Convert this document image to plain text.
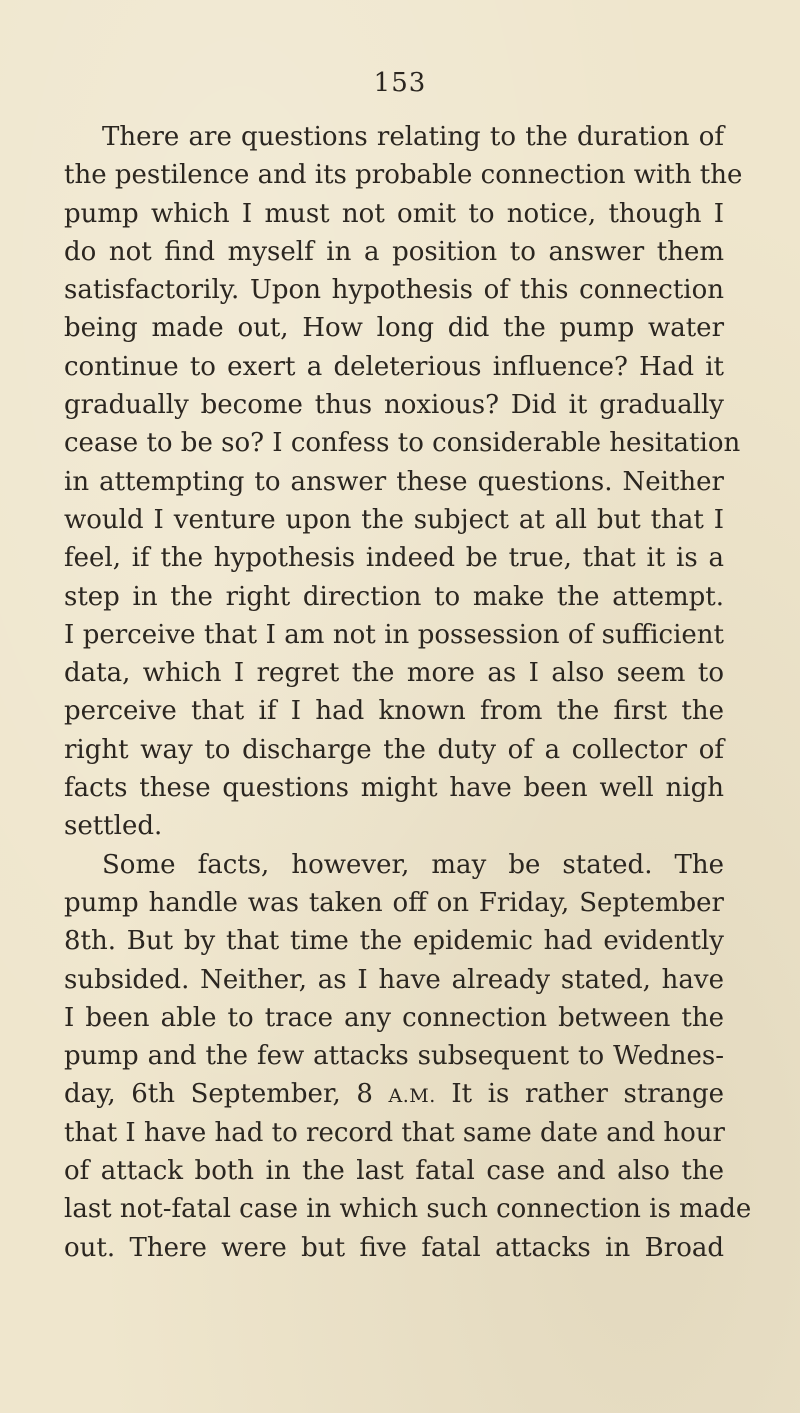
153
There are questions relating to the duration of
the pestilence and its probable connection with the
pump which I must not omit to notice, though I
do not find myself in a position to answer them
satisfactorily. Upon hypothesis of this connection
being made out, How long did the pump water
continue to exert a deleterious influence? Had it
gradually become thus noxious? Did it gradually
cease to be so? I confess to considerable hesitation
in attempting to answer these questions. Neither
would I venture upon the subject at all but that I
feel, if the hypothesis indeed be true, that it is a
step in the right direction to make the attempt.
I perceive that I am not in possession of sufficient
data, which I regret the more as I also seem to
perceive that if I had known from the first the
right way to discharge the duty of a collector of
facts these questions might have been well nigh
settled.
Some facts, however, may be stated. The
pump handle was taken off on Friday, September
8th. But by that time the epidemic had evidently
subsided. Neither, as I have already stated, have
I been able to trace any connection between the
pump and the few attacks subsequent to Wednes-
day, 6th September, 8 A.M. It is rather strange
that I have had to record that same date and hour
of attack both in the last fatal case and also the
last not-fatal case in which such connection is made
out. There were but five fatal attacks in Broad
